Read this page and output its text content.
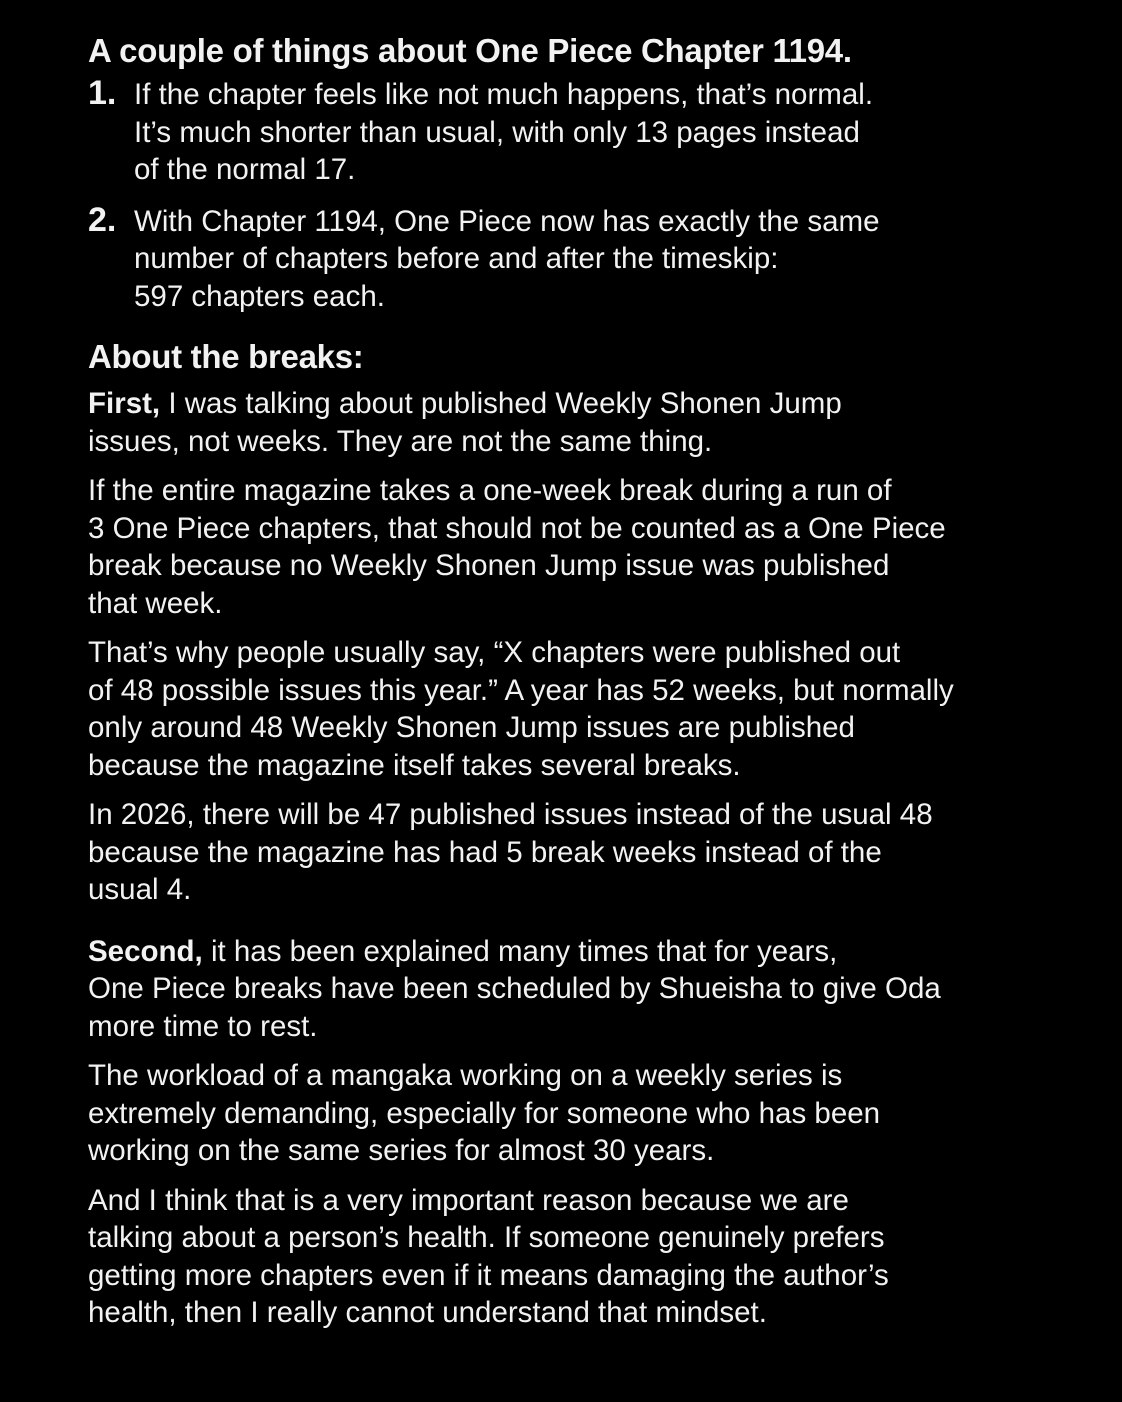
A couple of things about One Piece Chapter 1194.
1. If the chapter feels like not much happens, that’s normal.
It’s much shorter than usual, with only 13 pages instead
of the normal 17.
2. With Chapter 1194, One Piece now has exactly the same
number of chapters before and after the timeskip:
597 chapters each.
About the breaks:
First, I was talking about published Weekly Shonen Jump
issues, not weeks. They are not the same thing.
If the entire magazine takes a one-week break during a run of
3 One Piece chapters, that should not be counted as a One Piece
break because no Weekly Shonen Jump issue was published
that week.
That’s why people usually say, “X chapters were published out
of 48 possible issues this year.” A year has 52 weeks, but normally
only around 48 Weekly Shonen Jump issues are published
because the magazine itself takes several breaks.
In 2026, there will be 47 published issues instead of the usual 48
because the magazine has had 5 break weeks instead of the
usual 4.
Second, it has been explained many times that for years,
One Piece breaks have been scheduled by Shueisha to give Oda
more time to rest.
The workload of a mangaka working on a weekly series is
extremely demanding, especially for someone who has been
working on the same series for almost 30 years.
And I think that is a very important reason because we are
talking about a person’s health. If someone genuinely prefers
getting more chapters even if it means damaging the author’s
health, then I really cannot understand that mindset.
